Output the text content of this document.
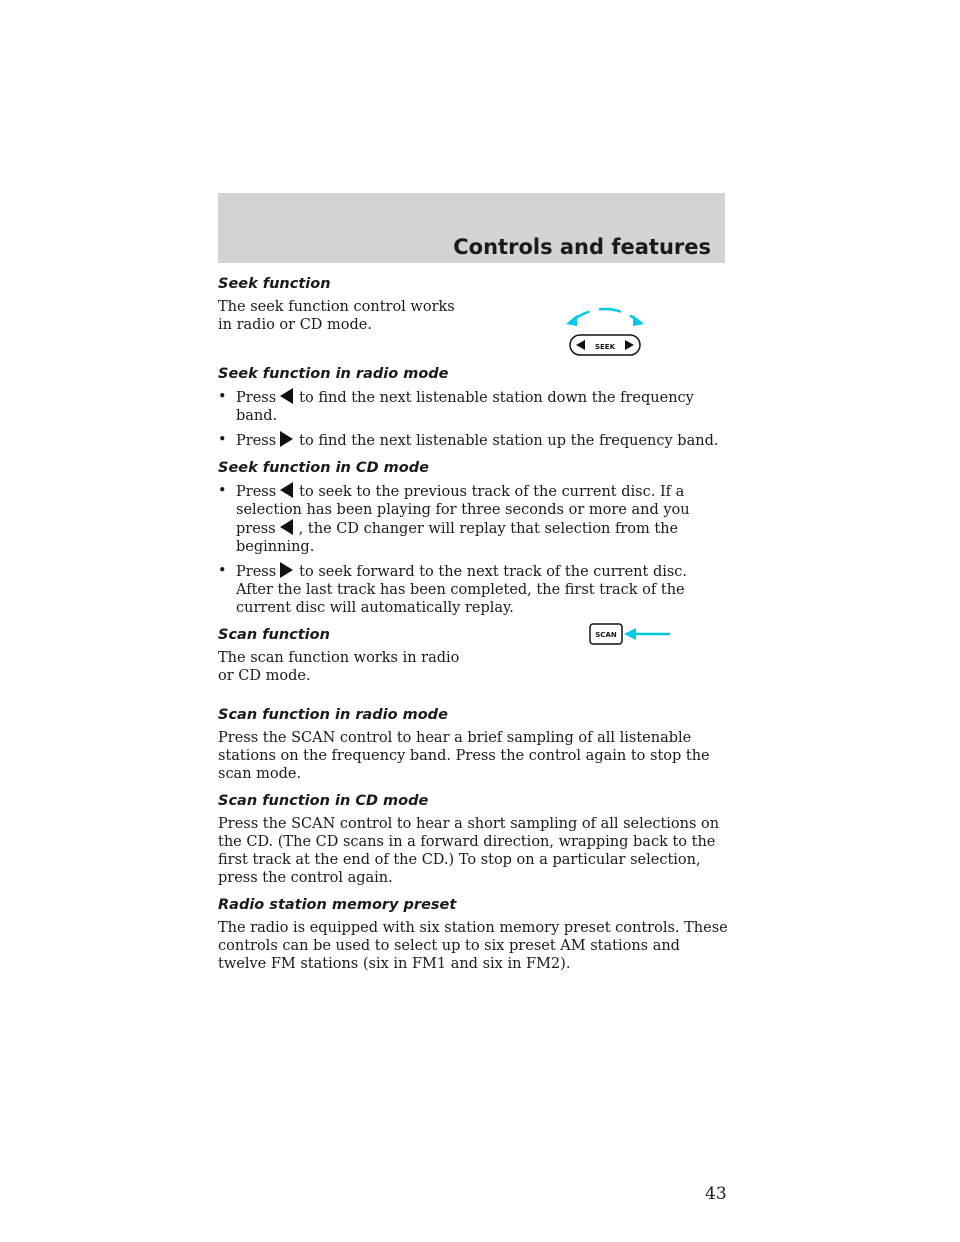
Controls and features
SEEK
SCAN
Seek function

The seek function control works in radio or CD mode.

Seek function in radio mode
• Press to find the next listenable station down the frequency band.
• Press to find the next listenable station up the frequency band.
Seek function in CD mode
• Press to seek to the previous track of the current disc. If a selection has been playing for three seconds or more and you press , the CD changer will replay that selection from the beginning.
• Press to seek forward to the next track of the current disc. After the last track has been completed, the first track of the current disc will automatically replay.
Scan function

The scan function works in radio or CD mode.

Scan function in radio mode

Press the SCAN control to hear a brief sampling of all listenable stations on the frequency band. Press the control again to stop the scan mode.

Scan function in CD mode

Press the SCAN control to hear a short sampling of all selections on the CD. (The CD scans in a forward direction, wrapping back to the first track at the end of the CD.) To stop on a particular selection, press the control again.

Radio station memory preset

The radio is equipped with six station memory preset controls. These controls can be used to select up to six preset AM stations and twelve FM stations (six in FM1 and six in FM2).

43
